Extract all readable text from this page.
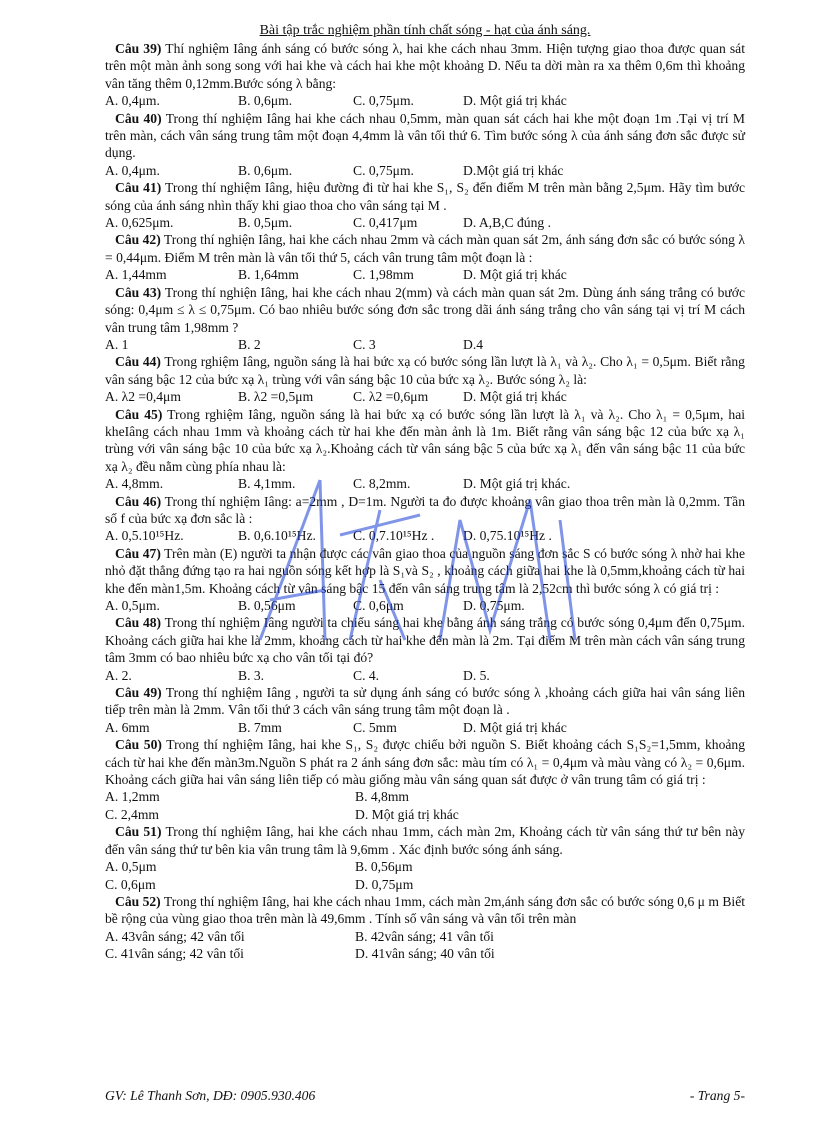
Bài tập trắc nghiệm phần tính chất sóng - hạt của ánh sáng.

Câu 39) Thí nghiệm Iâng ánh sáng có bước sóng λ, hai khe cách nhau 3mm. Hiện tượng giao thoa được quan sát trên một màn ảnh song song với hai khe và cách hai khe một khoảng D. Nếu ta dời màn ra xa thêm 0,6m thì khoảng vân tăng thêm 0,12mm.Bước sóng λ bằng:

A. 0,4μm.	B. 0,6μm.	C. 0,75μm.	D. Một giá trị khác

Câu 40) Trong thí nghiệm Iâng hai khe cách nhau 0,5mm, màn quan sát cách hai khe một đoạn 1m .Tại vị trí M trên màn, cách vân sáng trung tâm một đoạn 4,4mm là vân tối thứ 6. Tìm bước sóng λ của ánh sáng đơn sắc được sử dụng.

A. 0,4μm.	B. 0,6μm.	C. 0,75μm.	D.Một giá trị khác

Câu 41) Trong thí nghiệm Iâng, hiệu đường đi từ hai khe S₁, S₂ đến điểm M trên màn bằng 2,5μm. Hãy tìm bước sóng của ánh sáng nhìn thấy khi giao thoa cho vân sáng tại M .

A. 0,625μm.	B. 0,5μm.	C. 0,417μm	D. A,B,C đúng .

Câu 42) Trong thí nghiện Iâng, hai khe cách nhau 2mm và cách màn quan sát 2m, ánh sáng đơn sắc có bước sóng λ = 0,44μm. Điểm M trên màn là vân tối thứ 5, cách vân trung tâm một đoạn là :

A. 1,44mm	B. 1,64mm	C. 1,98mm	D. Một giá trị khác

Câu 43) Trong thí nghiện Iâng, hai khe cách nhau 2(mm) và cách màn quan sát 2m. Dùng ánh sáng trắng có bước sóng: 0,4μm ≤ λ ≤ 0,75μm. Có bao nhiêu bước sóng đơn sắc trong dãi ánh sáng trắng cho vân sáng tại vị trí M cách vân trung tâm 1,98mm ?

A. 1	B. 2	C. 3	D.4

Câu 44) Trong rghiệm Iâng, nguồn sáng là hai bức xạ có bước sóng lần lượt là λ₁ và λ₂. Cho λ₁ = 0,5μm. Biết rằng vân sáng bậc 12 của bức xạ λ₁ trùng với vân sáng bậc 10 của bức xạ λ₂. Bước sóng λ₂ là:

A. λ2 =0,4μm	B. λ2 =0,5μm	C. λ2 =0,6μm	D. Một giá trị khác

Câu 45) Trong rghiệm Iâng, nguồn sáng là hai bức xạ có bước sóng lần lượt là λ₁ và λ₂. Cho λ₁ = 0,5μm, hai kheIâng cách nhau 1mm và khoảng cách từ hai khe đến màn ảnh là 1m. Biết rằng vân sáng bậc 12 của bức xạ λ₁ trùng với vân sáng bậc 10 của bức xạ λ₂.Khoảng cách từ vân sáng bậc 5 của bức xạ λ₁ đến vân sáng bậc 11 của bức xạ λ₂ đều nằm cùng phía nhau là:

A. 4,8mm.	B. 4,1mm.	C. 8,2mm.	D. Một giá trị khác.

Câu 46) Trong thí nghiệm Iâng: a=2mm , D=1m. Người ta đo được khoảng vân giao thoa trên màn là 0,2mm. Tần số f của bức xạ đơn sắc là :

A. 0,5.10¹⁵Hz.	B. 0,6.10¹⁵Hz.	C. 0,7.10¹⁵Hz .	D. 0,75.10¹⁵Hz .

Câu 47) Trên màn (E) người ta nhận được các vân giao thoa của nguồn sáng đơn sắc S có bước sóng λ nhờ hai khe nhỏ đặt thẳng đứng tạo ra hai nguồn sóng kết hợp là S₁và S₂ , khoảng cách giữa hai khe là 0,5mm,khoảng cách từ hai khe đến màn1,5m. Khoảng cách từ vân sáng bậc 15 đến vân sáng trung tâm là 2,52cm thì bước sóng λ có giá trị :

A. 0,5μm.	B. 0,56μm	C. 0,6μm	D. 0,75μm.

Câu 48) Trong thí nghiệm Iâng người ta chiếu sáng hai khe bằng ánh sáng trắng có bước sóng 0,4μm đến 0,75μm. Khoảng cách giữa hai khe là 2mm, khoảng cách từ hai khe đến màn là 2m. Tại điểm M trên màn cách vân sáng trung tâm 3mm có bao nhiêu bức xạ cho vân tối tại đó?

A. 2.	B. 3.	C. 4.	D. 5.

Câu 49) Trong thí nghiệm Iâng , người ta sử dụng ánh sáng có bước sóng λ ,khoảng cách giữa hai vân sáng liên tiếp trên màn là 2mm. Vân tối thứ 3 cách vân sáng trung tâm một đoạn là .

A. 6mm	B. 7mm	C. 5mm	D. Một giá trị khác

Câu 50) Trong thí nghiệm Iâng, hai khe S₁, S₂ được chiếu bởi nguồn S. Biết khoảng cách S₁S₂=1,5mm, khoảng cách từ hai khe đến màn3m.Nguồn S phát ra 2 ánh sáng đơn sắc: màu tím có λ₁ = 0,4μm và màu vàng có λ₂ = 0,6μm. Khoảng cách giữa hai vân sáng liên tiếp có màu giống màu vân sáng quan sát được ở vân trung tâm có giá trị :

A. 1,2mm	B. 4,8mm
C. 2,4mm	D. Một giá trị khác

Câu 51) Trong thí nghiệm Iâng, hai khe cách nhau 1mm, cách màn 2m, Khoảng cách từ vân sáng thứ tư bên này đến vân sáng thứ tư bên kia vân trung tâm là 9,6mm . Xác định bước sóng ánh sáng.

A. 0,5μm	B. 0,56μm
C. 0,6μm	D. 0,75μm

Câu 52) Trong thí nghiệm Iâng, hai khe cách nhau 1mm, cách màn 2m,ánh sáng đơn sắc có bước sóng 0,6 μ m Biết bề rộng của vùng giao thoa trên màn là 49,6mm . Tính số vân sáng và vân tối trên màn

A. 43vân sáng; 42 vân tối	B. 42vân sáng; 41 vân tối
C. 41vân sáng; 42 vân tối	D. 41vân sáng; 40 vân tối
GV: Lê Thanh Sơn, DĐ: 0905.930.406	- Trang 5-
